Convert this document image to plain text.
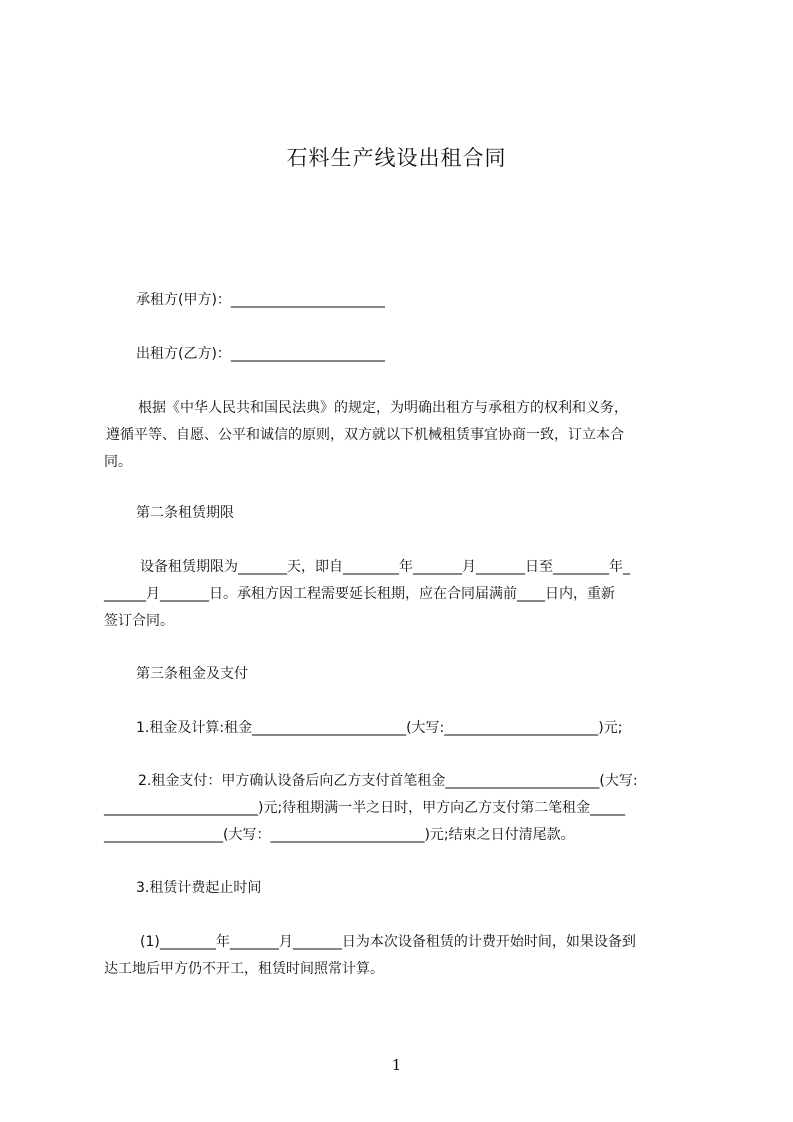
石料生产线设出租合同
承租方(甲方)：______________________
出租方(乙方)：______________________
根据《中华人民共和国民法典》的规定，为明确出租方与承租方的权利和义务，
遵循平等、自愿、公平和诚信的原则，双方就以下机械租赁事宜协商一致，订立本合
同。
第二条租赁期限
设备租赁期限为_______天，即自________年_______月_______日至________年_
______月_______日。承租方因工程需要延长租期，应在合同届满前____日内，重新
签订合同。
第三条租金及支付
1.租金及计算:租金______________________(大写:______________________)元;
2.租金支付：甲方确认设备后向乙方支付首笔租金______________________(大写:
______________________)元;待租期满一半之日时，甲方向乙方支付第二笔租金_____
_________________(大写：______________________)元;结束之日付清尾款。
3.租赁计费起止时间
(1)________年_______月_______日为本次设备租赁的计费开始时间，如果设备到
达工地后甲方仍不开工，租赁时间照常计算。
1
